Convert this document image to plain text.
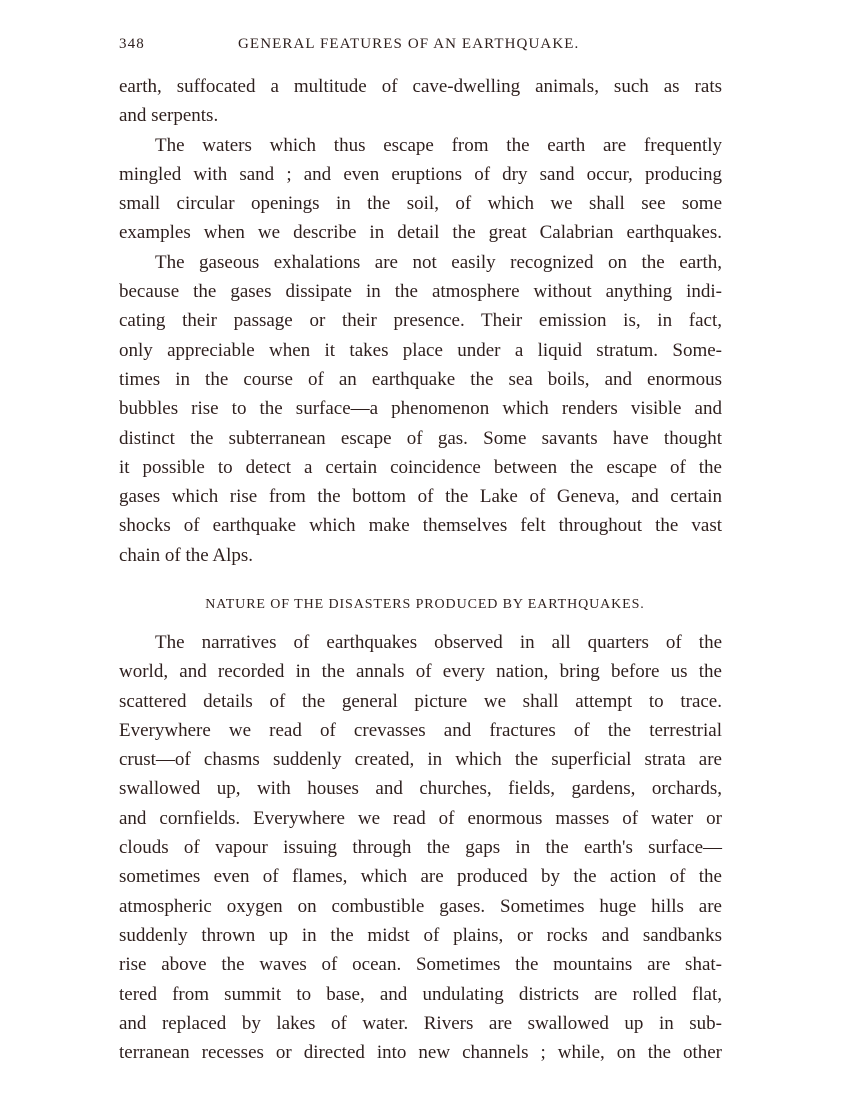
348	GENERAL FEATURES OF AN EARTHQUAKE.
earth, suffocated a multitude of cave-dwelling animals, such as rats
and serpents.
The waters which thus escape from the earth are frequently
mingled with sand ; and even eruptions of dry sand occur, producing
small circular openings in the soil, of which we shall see some
examples when we describe in detail the great Calabrian earthquakes.
The gaseous exhalations are not easily recognized on the earth,
because the gases dissipate in the atmosphere without anything indi-
cating their passage or their presence. Their emission is, in fact,
only appreciable when it takes place under a liquid stratum. Some-
times in the course of an earthquake the sea boils, and enormous
bubbles rise to the surface—a phenomenon which renders visible and
distinct the subterranean escape of gas. Some savants have thought
it possible to detect a certain coincidence between the escape of the
gases which rise from the bottom of the Lake of Geneva, and certain
shocks of earthquake which make themselves felt throughout the vast
chain of the Alps.
NATURE OF THE DISASTERS PRODUCED BY EARTHQUAKES.
The narratives of earthquakes observed in all quarters of the
world, and recorded in the annals of every nation, bring before us the
scattered details of the general picture we shall attempt to trace.
Everywhere we read of crevasses and fractures of the terrestrial
crust—of chasms suddenly created, in which the superficial strata are
swallowed up, with houses and churches, fields, gardens, orchards,
and cornfields. Everywhere we read of enormous masses of water or
clouds of vapour issuing through the gaps in the earth's surface—
sometimes even of flames, which are produced by the action of the
atmospheric oxygen on combustible gases. Sometimes huge hills are
suddenly thrown up in the midst of plains, or rocks and sandbanks
rise above the waves of ocean. Sometimes the mountains are shat-
tered from summit to base, and undulating districts are rolled flat,
and replaced by lakes of water. Rivers are swallowed up in sub-
terranean recesses or directed into new channels ; while, on the other
